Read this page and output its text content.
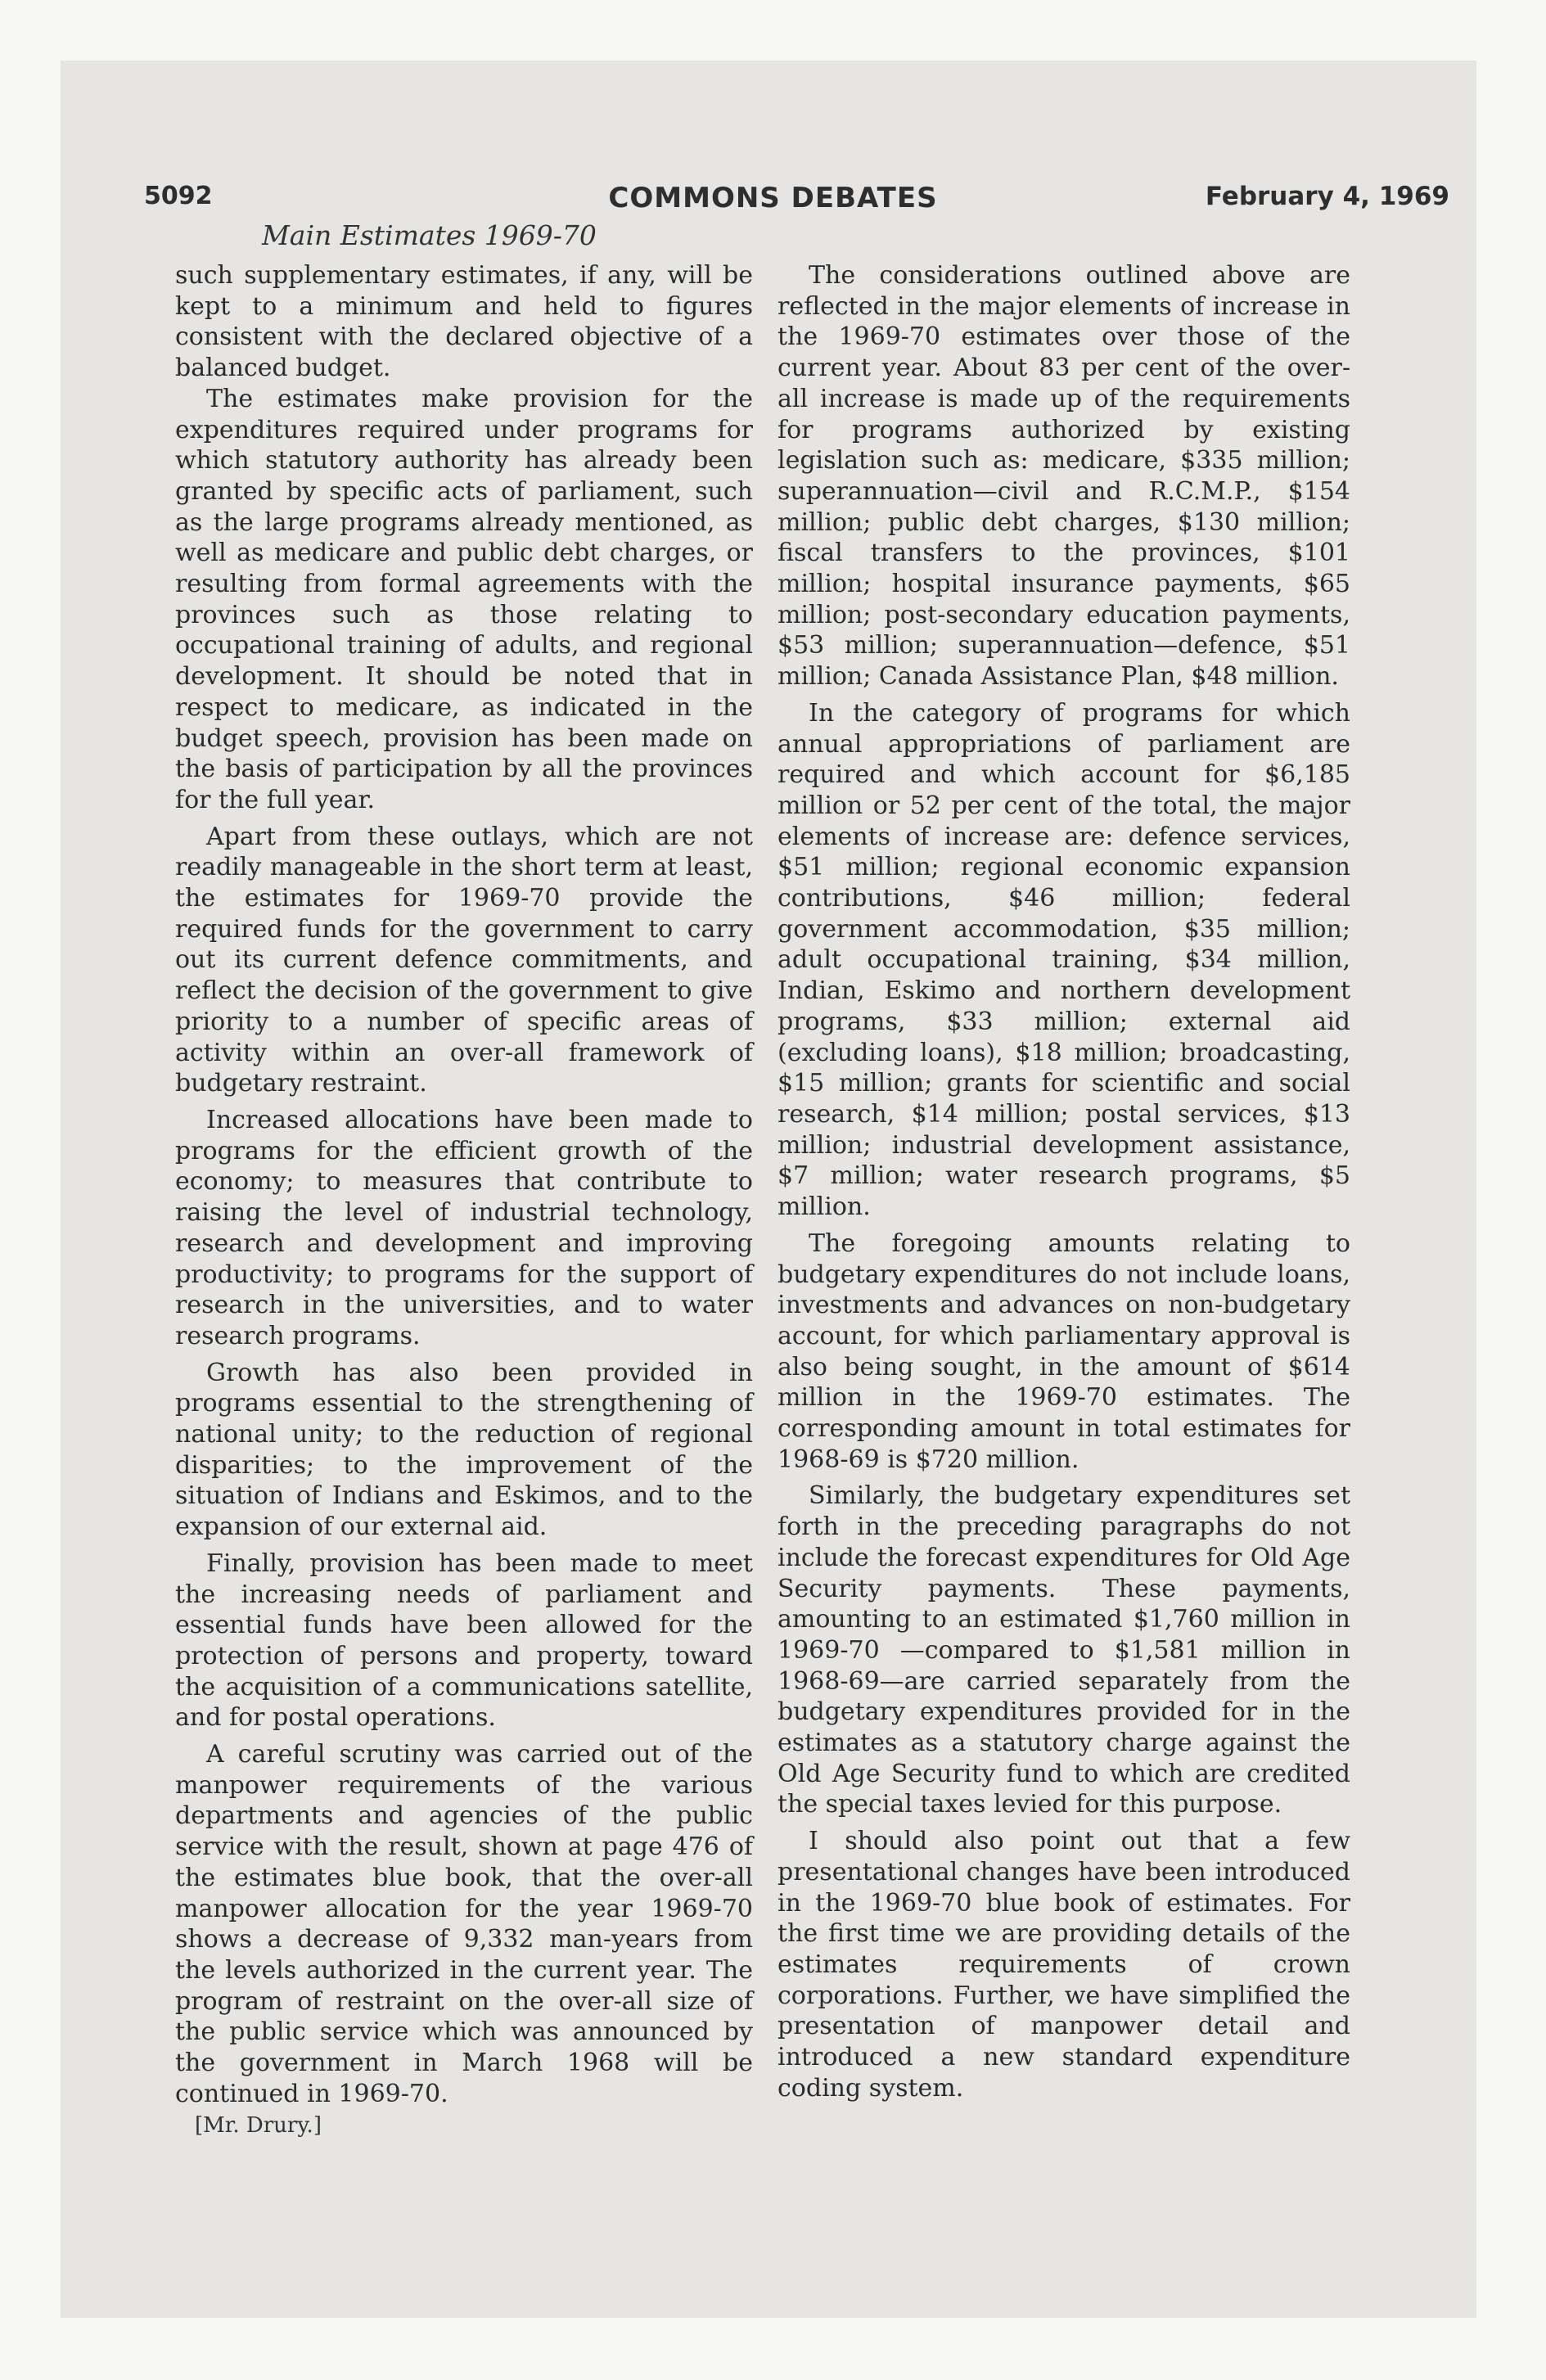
5092	COMMONS DEBATES	February 4, 1969
Main Estimates 1969-70

such supplementary estimates, if any, will be kept to a minimum and held to figures consistent with the declared objective of a balanced budget.

The estimates make provision for the expenditures required under programs for which statutory authority has already been granted by specific acts of parliament, such as the large programs already mentioned, as well as medicare and public debt charges, or resulting from formal agreements with the provinces such as those relating to occupational training of adults, and regional development. It should be noted that in respect to medicare, as indicated in the budget speech, provision has been made on the basis of participation by all the provinces for the full year.

Apart from these outlays, which are not readily manageable in the short term at least, the estimates for 1969-70 provide the required funds for the government to carry out its current defence commitments, and reflect the decision of the government to give priority to a number of specific areas of activity within an over-all framework of budgetary restraint.

Increased allocations have been made to programs for the efficient growth of the economy; to measures that contribute to raising the level of industrial technology, research and development and improving productivity; to programs for the support of research in the universities, and to water research programs.

Growth has also been provided in programs essential to the strengthening of national unity; to the reduction of regional disparities; to the improvement of the situation of Indians and Eskimos, and to the expansion of our external aid.

Finally, provision has been made to meet the increasing needs of parliament and essential funds have been allowed for the protection of persons and property, toward the acquisition of a communications satellite, and for postal operations.

A careful scrutiny was carried out of the manpower requirements of the various departments and agencies of the public service with the result, shown at page 476 of the estimates blue book, that the over-all manpower allocation for the year 1969-70 shows a decrease of 9,332 man-years from the levels authorized in the current year. The program of restraint on the over-all size of the public service which was announced by the government in March 1968 will be continued in 1969-70.

[Mr. Drury.]

The considerations outlined above are reflected in the major elements of increase in the 1969-70 estimates over those of the current year. About 83 per cent of the over-all increase is made up of the requirements for programs authorized by existing legislation such as: medicare, $335 million; superannuation—civil and R.C.M.P., $154 million; public debt charges, $130 million; fiscal transfers to the provinces, $101 million; hospital insurance payments, $65 million; post-secondary education payments, $53 million; superannuation—defence, $51 million; Canada Assistance Plan, $48 million.

In the category of programs for which annual appropriations of parliament are required and which account for $6,185 million or 52 per cent of the total, the major elements of increase are: defence services, $51 million; regional economic expansion contributions, $46 million; federal government accommodation, $35 million; adult occupational training, $34 million, Indian, Eskimo and northern development programs, $33 million; external aid (excluding loans), $18 million; broadcasting, $15 million; grants for scientific and social research, $14 million; postal services, $13 million; industrial development assistance, $7 million; water research programs, $5 million.

The foregoing amounts relating to budgetary expenditures do not include loans, investments and advances on non-budgetary account, for which parliamentary approval is also being sought, in the amount of $614 million in the 1969-70 estimates. The corresponding amount in total estimates for 1968-69 is $720 million.

Similarly, the budgetary expenditures set forth in the preceding paragraphs do not include the forecast expenditures for Old Age Security payments. These payments, amounting to an estimated $1,760 million in 1969-70 —compared to $1,581 million in 1968-69—are carried separately from the budgetary expenditures provided for in the estimates as a statutory charge against the Old Age Security fund to which are credited the special taxes levied for this purpose.

I should also point out that a few presentational changes have been introduced in the 1969-70 blue book of estimates. For the first time we are providing details of the estimates requirements of crown corporations. Further, we have simplified the presentation of manpower detail and introduced a new standard expenditure coding system.
